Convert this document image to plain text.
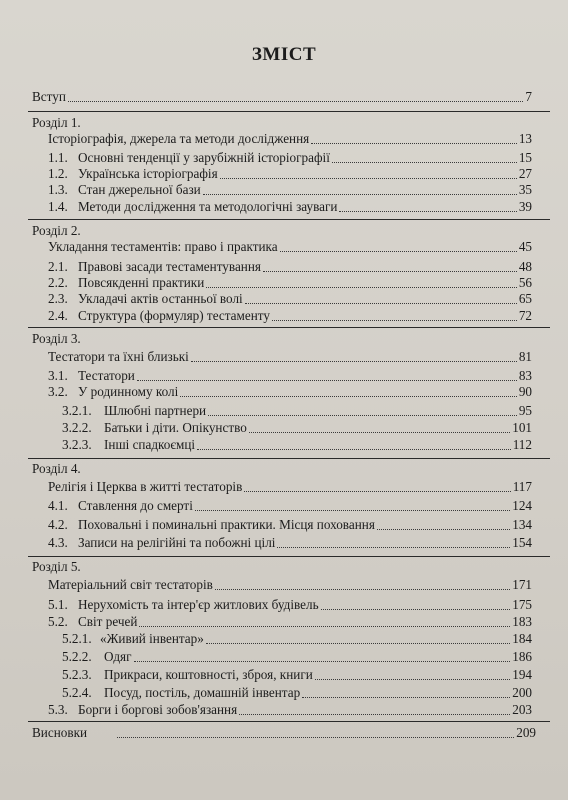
ЗМІСТ
Вступ	7
Розділ 1.
Історіографія, джерела та методи дослідження	13
1.1. Основні тенденції у зарубіжній історіографії	15
1.2. Українська історіографія	27
1.3. Стан джерельної бази	35
1.4. Методи дослідження та методологічні зауваги	39
Розділ 2.
Укладання тестаментів: право і практика	45
2.1. Правові засади тестаментування	48
2.2. Повсякденні практики	56
2.3. Укладачі актів останньої волі	65
2.4. Структура (формуляр) тестаменту	72
Розділ 3.
Тестатори та їхні близькі	81
3.1. Тестатори	83
3.2. У родинному колі	90
3.2.1. Шлюбні партнери	95
3.2.2. Батьки і діти. Опікунство	101
3.2.3. Інші спадкоємці	112
Розділ 4.
Релігія і Церква в житті тестаторів	117
4.1. Ставлення до смерті	124
4.2. Поховальні і поминальні практики. Місця поховання	134
4.3. Записи на релігійні та побожні цілі	154
Розділ 5.
Матеріальний світ тестаторів	171
5.1. Нерухомість та інтер'єр житлових будівель	175
5.2. Світ речей	183
5.2.1. «Живий інвентар»	184
5.2.2. Одяг	186
5.2.3. Прикраси, коштовності, зброя, книги	194
5.2.4. Посуд, постіль, домашній інвентар	200
5.3. Борги і боргові зобов'язання	203
Висновки	209
